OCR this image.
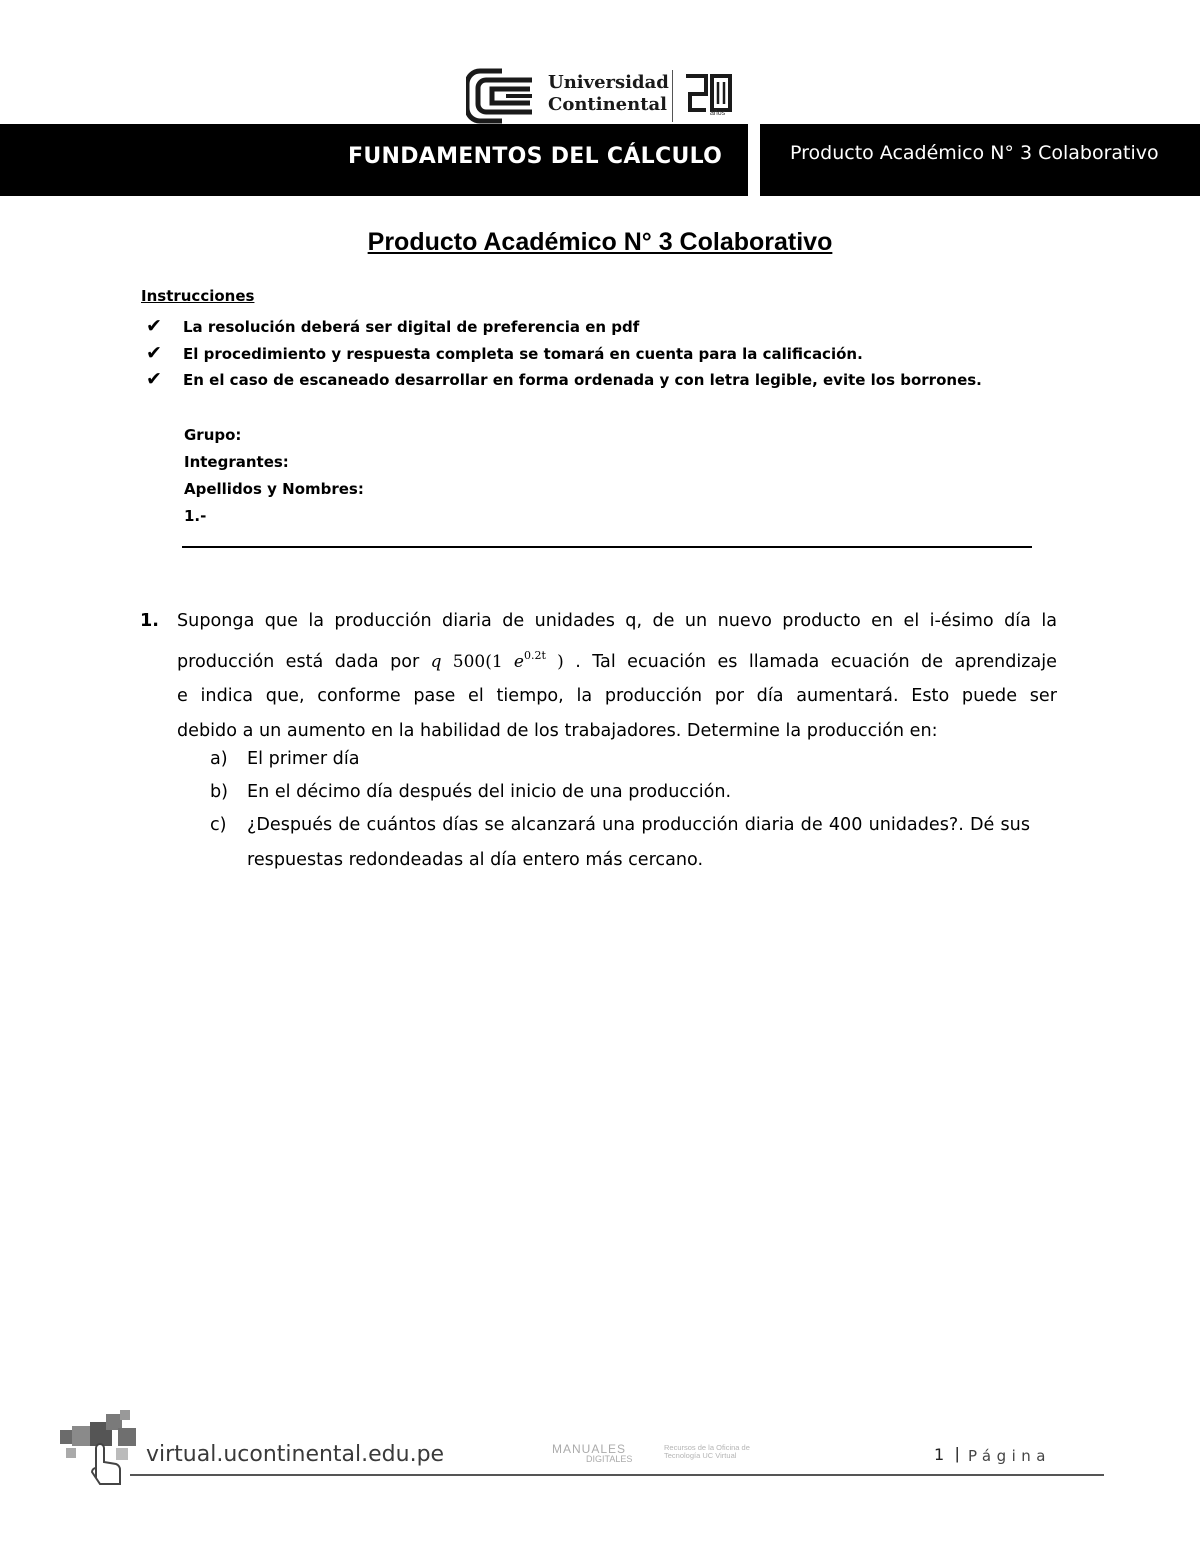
Universidad
Continental	años
FUNDAMENTOS DEL CÁLCULO	Producto Académico N° 3 Colaborativo
Producto Académico N° 3 Colaborativo
Instrucciones
✔ La resolución deberá ser digital de preferencia en pdf
✔ El procedimiento y respuesta completa se tomará en cuenta para la calificación.
✔ En el caso de escaneado desarrollar en forma ordenada y con letra legible, evite los borrones.
Grupo:
Integrantes:
Apellidos y Nombres:
1.-
1. Suponga que la producción diaria de unidades q, de un nuevo producto en el i-ésimo día la
producción está dada por q 500(1 $e^{0.2t}$ ) . Tal ecuación es llamada ecuación de aprendizaje
e indica que, conforme pase el tiempo, la producción por día aumentará. Esto puede ser
debido a un aumento en la habilidad de los trabajadores. Determine la producción en:
a) El primer día
b) En el décimo día después del inicio de una producción.
c) ¿Después de cuántos días se alcanzará una producción diaria de 400 unidades?. Dé sus respuestas redondeadas al día entero más cercano.
virtual.ucontinental.edu.pe	MANUALES
DIGITALES
Recursos de la Oficina de Tecnología UC Virtual	1 | Página
